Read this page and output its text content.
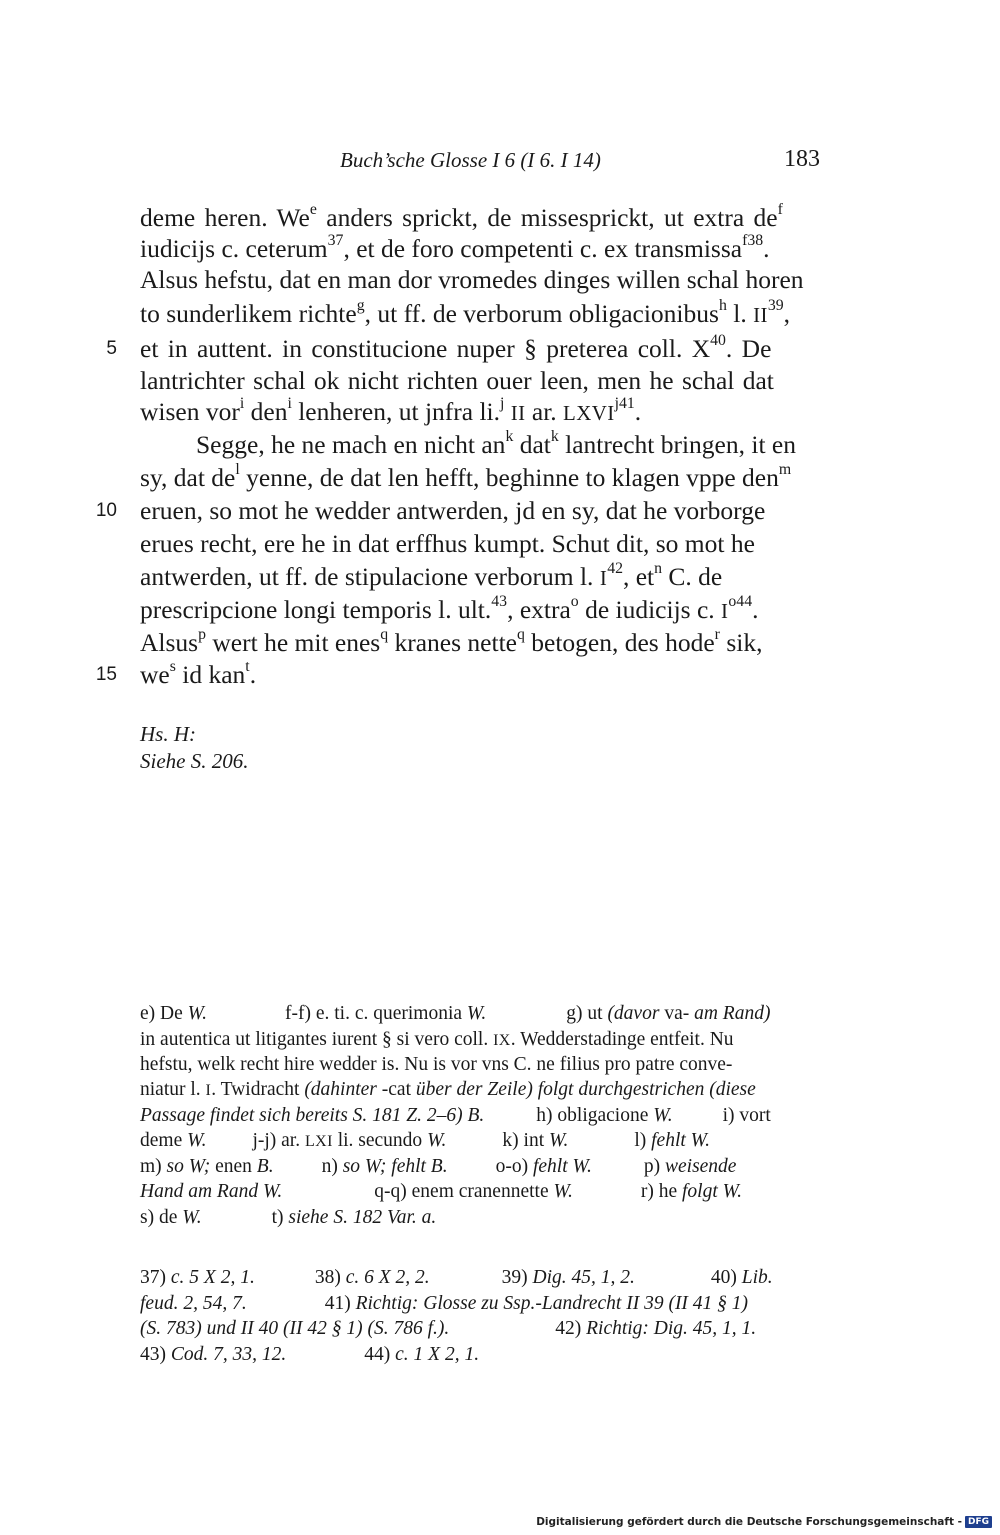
Buch’sche Glosse I 6 (I 6. I 14)	183
deme heren. We$^e$ anders sprickt, de missesprickt, ut extra $de^f$
iudicijs c. ceterum$^{37}$, et de foro competenti c. ex transmissa$^{f38}$.
Alsus hefstu, dat en man dor vromedes dinges willen schal horen
to sunderlikem richte$^g$, ut ff. de verborum obligacionibus$^h$ l. II$^{39}$,
5 et in auttent. in constitucione nuper § preterea coll. $X^{40}$. De
lantrichter schal ok nicht richten ouer leen, men he schal dat
wisen vor$^i$ den$^i$ lenheren, ut jnfra li.$^j$ II ar. $LXVI^{j41}$.
Segge, he ne mach en nicht $an^k$ dat$^k$ lantrecht bringen, it en
sy, dat $de^l$ yenne, de dat len hefft, beghinne to klagen vppe den$^m$
10 eruen, so mot he wedder antwerden, jd en sy, dat he vorborge
erues recht, ere he in dat erffhus kumpt. Schut dit, so mot he
antwerden, ut ff. de stipulacione verborum l. $I^{42}$, $et^n$ C. de
prescripcione longi temporis l. ult.$^{43}$, extra$^o$ de iudicijs c. $I^{o44}$.
Alsus$^p$ wert he mit enes$^q$ kranes nette$^q$ betogen, des hode$^r$ sik,
15 $we^s$ id kan$^t$.
Hs. H:
Siehe S. 206.
e) De W.	f-f) e. ti. c. querimonia W.	g) ut (davor va- am Rand)
in autentica ut litigantes iurent § si vero coll. IX. Wedderstadinge entfeit. Nu
hefstu, welk recht hire wedder is. Nu is vor vns C. ne filius pro patre conve-
niatur l. I. Twidracht (dahinter -cat über der Zeile) folgt durchgestrichen (diese
Passage findet sich bereits S. 181 Z. 2–6) B.	h) obligacione W.	i) vort
deme W. j-j) ar. LXI li. secundo W.	k) int W.	l) fehlt W.
m) so W; enen B. n) so W; fehlt B. o-o) fehlt W.	p) weisende
Hand am Rand W.	q-q) enem cranennette W.	r) he folgt W.
s) de W.	t) siehe S. 182 Var. a.
37) c. 5 X 2, 1.	38) c. 6 X 2, 2.	39) Dig. 45, 1, 2.	40) Lib.
feud. 2, 54, 7.	41) Richtig: Glosse zu Ssp.-Landrecht II 39 (II 41 § 1)
(S. 783) und II 40 (II 42 § 1) (S. 786 f.).	42) Richtig: Dig. 45, 1, 1.
43) Cod. 7, 33, 12.	44) c. 1 X 2, 1.
Digitalisierung gefördert durch die Deutsche Forschungsgemeinschaft - DFG
